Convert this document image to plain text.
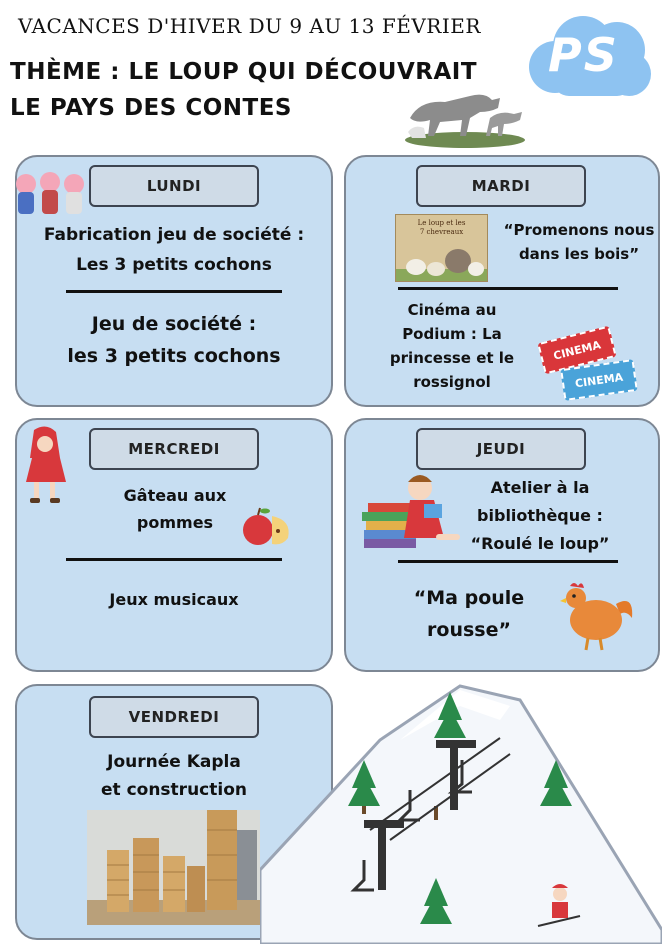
VACANCES D'HIVER DU 9 AU 13 FÉVRIER
THÈME : LE LOUP QUI DÉCOUVRAIT
LE PAYS DES CONTES
PS
LUNDI
Fabrication jeu de société :
Les 3 petits cochons
Jeu de société :
les 3 petits cochons
MARDI
Le loup et les
7 chevreaux	“Promenons nous
dans les bois”
Cinéma au
Podium : La
princesse et le
rossignol
CINEMA
CINEMA
MERCREDI
Gâteau aux
pommes
Jeux musicaux
JEUDI
Atelier à la
bibliothèque :
“Roulé le loup”
“Ma poule
rousse”
VENDREDI
Journée Kapla
et construction
